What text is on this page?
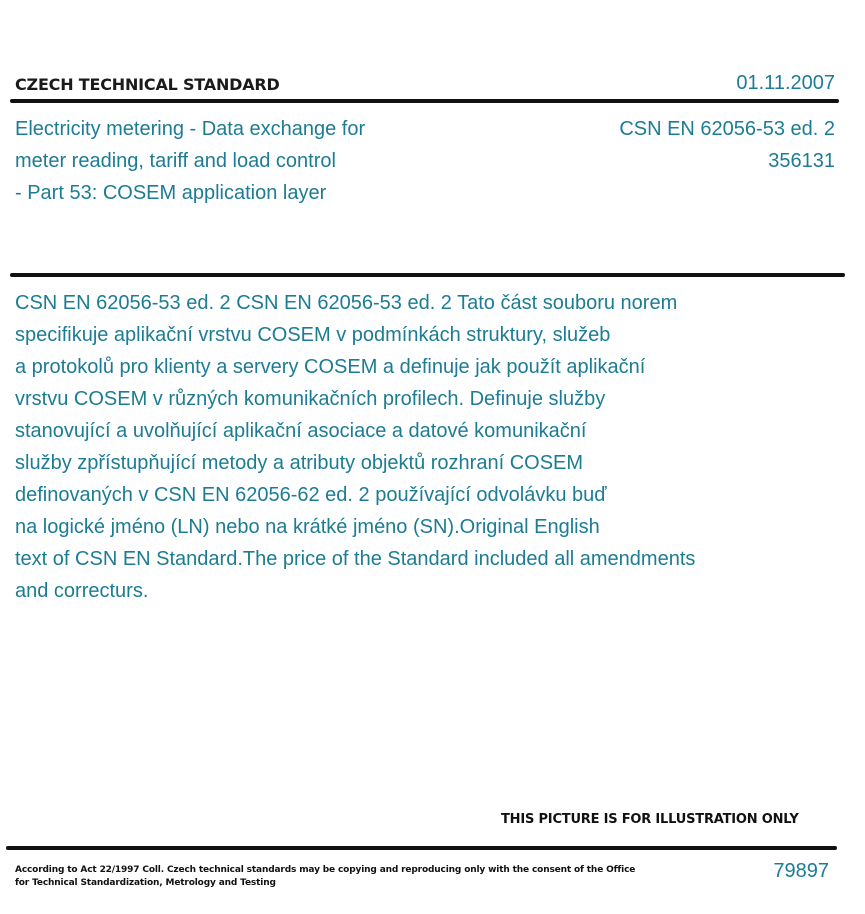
CZECH TECHNICAL STANDARD	01.11.2007
Electricity metering - Data exchange for
meter reading, tariff and load control
- Part 53: COSEM application layer
CSN EN 62056-53 ed. 2
356131
CSN EN 62056-53 ed. 2 CSN EN 62056-53 ed. 2 Tato část souboru norem
specifikuje aplikační vrstvu COSEM v podmínkách struktury, služeb
a protokolů pro klienty a servery COSEM a definuje jak použít aplikační
vrstvu COSEM v různých komunikačních profilech. Definuje služby
stanovující a uvolňující aplikační asociace a datové komunikační
služby zpřístupňující metody a atributy objektů rozhraní COSEM
definovaných v CSN EN 62056-62 ed. 2 používající odvolávku buď
na logické jméno (LN) nebo na krátké jméno (SN).Original English
text of CSN EN Standard.The price of the Standard included all amendments
and correcturs.
THIS PICTURE IS FOR ILLUSTRATION ONLY
According to Act 22/1997 Coll. Czech technical standards may be copying and reproducing only with the consent of the Office
for Technical Standardization, Metrology and Testing
79897
